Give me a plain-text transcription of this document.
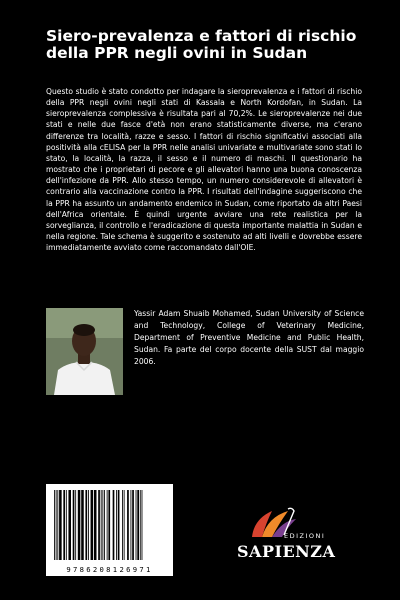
Siero-prevalenza e fattori di rischio della PPR negli ovini in Sudan

Questo studio è stato condotto per indagare la sieroprevalenza e i fattori di rischio della PPR negli ovini negli stati di Kassala e North Kordofan, in Sudan. La sieroprevalenza complessiva è risultata pari al 70,2%. Le sieroprevalenze nei due stati e nelle due fasce d'età non erano statisticamente diverse, ma c'erano differenze tra località, razze e sesso. I fattori di rischio significativi associati alla positività alla cELISA per la PPR nelle analisi univariate e multivariate sono stati lo stato, la località, la razza, il sesso e il numero di maschi. Il questionario ha mostrato che i proprietari di pecore e gli allevatori hanno una buona conoscenza dell'infezione da PPR. Allo stesso tempo, un numero considerevole di allevatori è contrario alla vaccinazione contro la PPR. I risultati dell'indagine suggeriscono che la PPR ha assunto un andamento endemico in Sudan, come riportato da altri Paesi dell'Africa orientale. È quindi urgente avviare una rete realistica per la sorveglianza, il controllo e l'eradicazione di questa importante malattia in Sudan e nella regione. Tale schema è suggerito e sostenuto ad alti livelli e dovrebbe essere immediatamente avviato come raccomandato dall'OIE.

Yassir Adam Shuaib Mohamed, Sudan University of Science and Technology, College of Veterinary Medicine, Department of Preventive Medicine and Public Health, Sudan. Fa parte del corpo docente della SUST dal maggio 2006.

9786208126971
EDIZIONI
SAPIENZA
